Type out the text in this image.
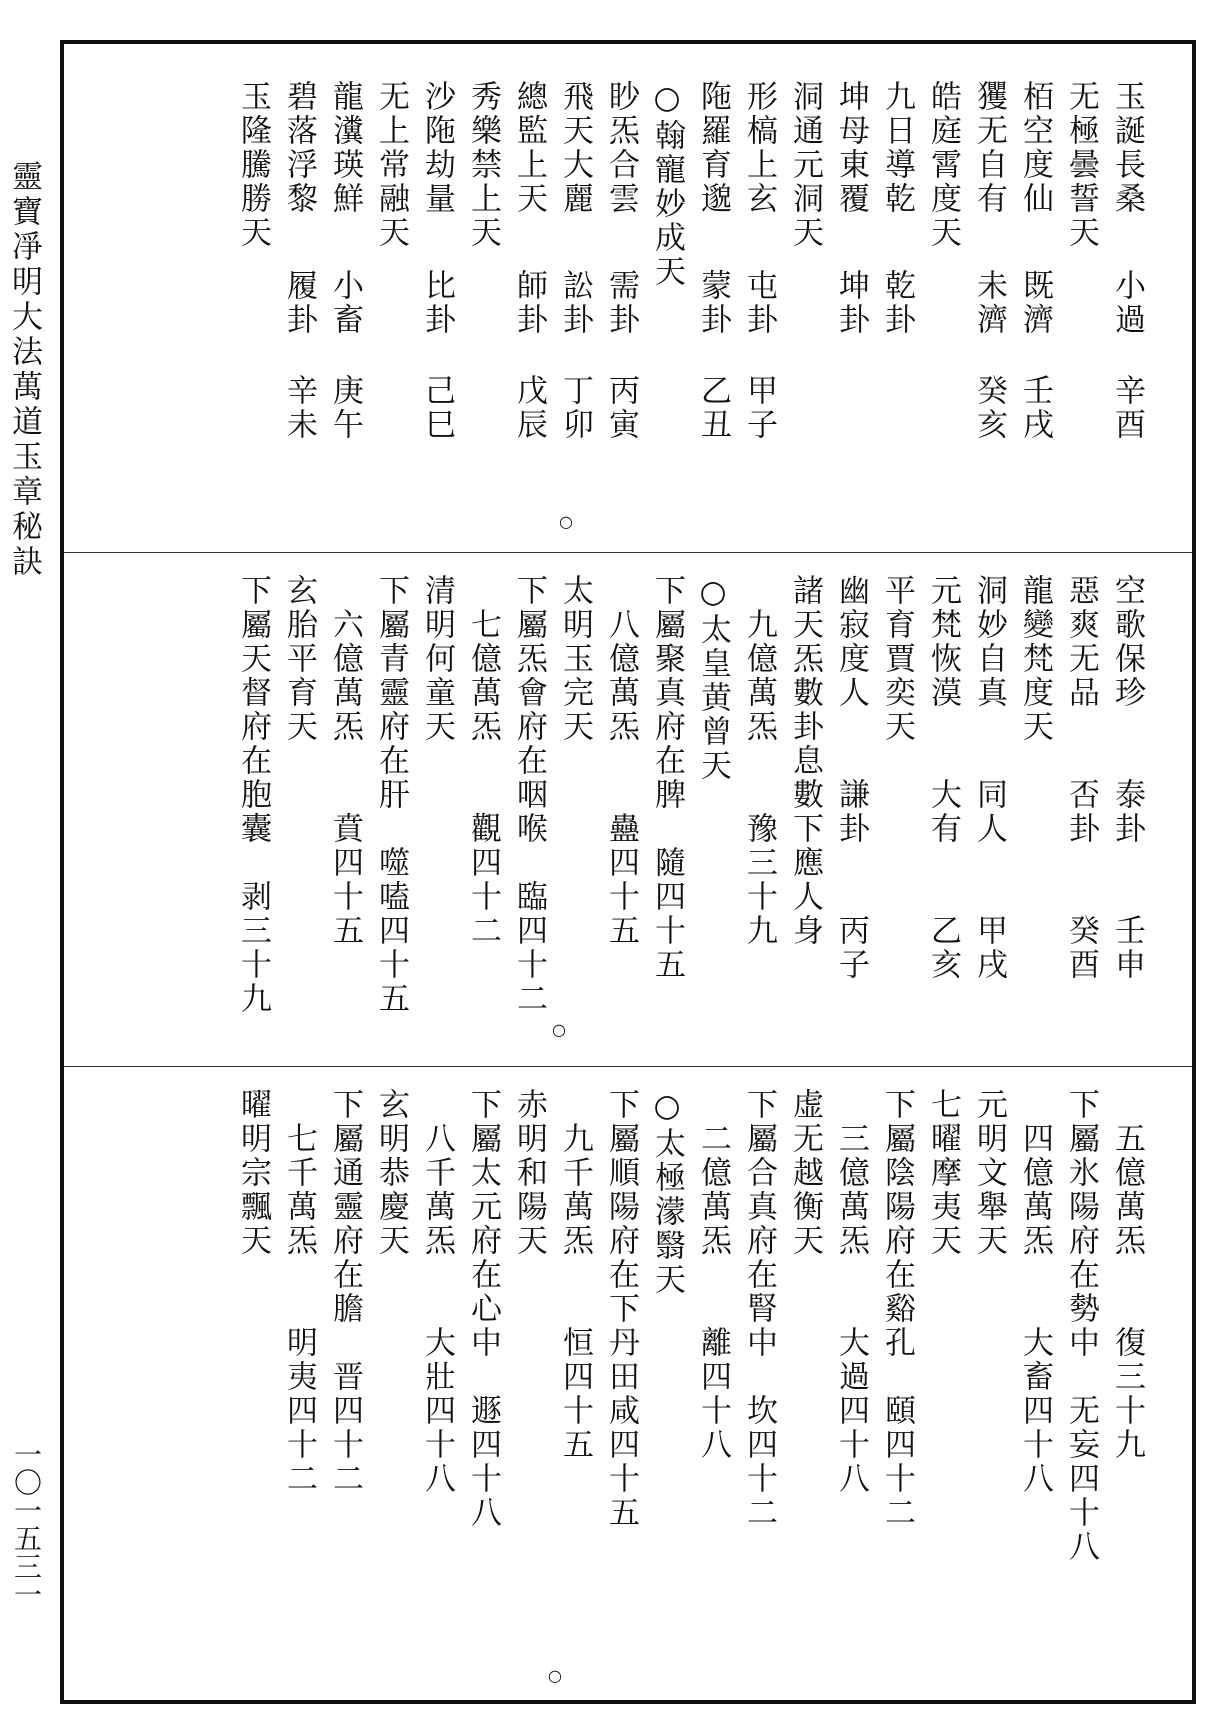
靈寶凈明大法萬道玉章秘訣
一〇一五三一
玉誕長桑
小過
辛酉
无極曇誓天
栢空度仙
既濟
壬戌
玃无自有
未濟
癸亥
皓庭霄度天
九日導乾
乾卦
坤母東覆
坤卦
洞通元洞天
形槁上玄
屯卦
甲子
陁羅育邈
蒙卦
乙丑
○翰寵妙成天
眇炁合雲
需卦
丙寅
飛天大麗
訟卦
丁卯
總監上天
師卦
戊辰
秀樂禁上天
沙陁劫量
比卦
己巳
无上常融天
龍瀵瑛鮮
小畜
庚午
碧落浮黎
履卦
辛未
玉隆騰勝天
空歌保珍　　泰卦　　壬申
惡爽无品　　否卦　　癸酉
龍變梵度天
洞妙自真　　同人　　甲戌
元梵恢漠　　大有　　乙亥
平育賈奕天
幽寂度人　　謙卦　　丙子
諸天炁數卦息數下應人身
　九億萬炁　　豫三十九
○太皇黄曾天
下屬聚真府在脾　隨四十五
　八億萬炁　　蠱四十五
太明玉完天
下屬炁會府在咽喉　臨四十二
　七億萬炁　　觀四十二
清明何童天
下屬青靈府在肝　噬嗑四十五
　六億萬炁　　賁四十五
玄胎平育天
下屬天督府在胞囊　剥三十九
　五億萬炁　　復三十九
下屬氷陽府在勢中　无妄四十八
　四億萬炁　　大畜四十八
元明文舉天
七曜摩夷天
下屬陰陽府在谿孔　頤四十二
　三億萬炁　　大過四十八
虚无越衡天
下屬合真府在腎中　坎四十二
　二億萬炁　　離四十八
○太極濛翳天
下屬順陽府在下丹田咸四十五
　九千萬炁　　恒四十五
赤明和陽天
下屬太元府在心中　遯四十八
　八千萬炁　　大壯四十八
玄明恭慶天
下屬通靈府在膽　晋四十二
　七千萬炁　　明夷四十二
曜明宗飄天
○
○
○
